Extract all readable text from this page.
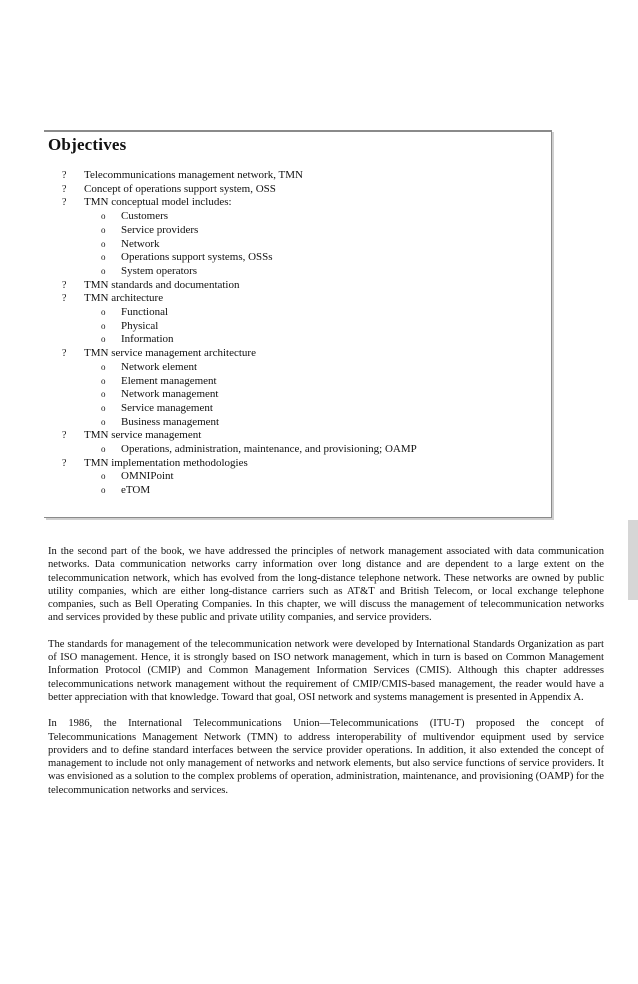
Objectives
? Telecommunications management network, TMN
? Concept of operations support system, OSS
? TMN conceptual model includes:
o Customers
o Service providers
o Network
o Operations support systems, OSSs
o System operators
? TMN standards and documentation
? TMN architecture
o Functional
o Physical
o Information
? TMN service management architecture
o Network element
o Element management
o Network management
o Service management
o Business management
? TMN service management
o Operations, administration, maintenance, and provisioning; OAMP
? TMN implementation methodologies
o OMNIPoint
o eTOM

In the second part of the book, we have addressed the principles of network management associated with data communication networks. Data communication networks carry information over long distance and are dependent to a large extent on the telecommunication network, which has evolved from the long-distance telephone network. These networks are owned by public utility companies, which are either long-distance carriers such as AT&T and British Telecom, or local exchange telephone companies, such as Bell Operating Companies. In this chapter, we will discuss the management of telecommunication networks and services provided by these public and private utility companies, and service providers.

The standards for management of the telecommunication network were developed by International Standards Organization as part of ISO management. Hence, it is strongly based on ISO network management, which in turn is based on Common Management Information Protocol (CMIP) and Common Management Information Services (CMIS). Although this chapter addresses telecommunications network management without the requirement of CMIP/CMIS-based management, the reader would have a better appreciation with that knowledge. Toward that goal, OSI network and systems management is presented in Appendix A.

In 1986, the International Telecommunications Union—Telecommunications (ITU-T) proposed the concept of Telecommunications Management Network (TMN) to address interoperability of multivendor equipment used by service providers and to define standard interfaces between the service provider operations. In addition, it also extended the concept of management to include not only management of networks and network elements, but also service functions of service providers. It was envisioned as a solution to the complex problems of operation, administration, maintenance, and provisioning (OAMP) for the telecommunication networks and services.
